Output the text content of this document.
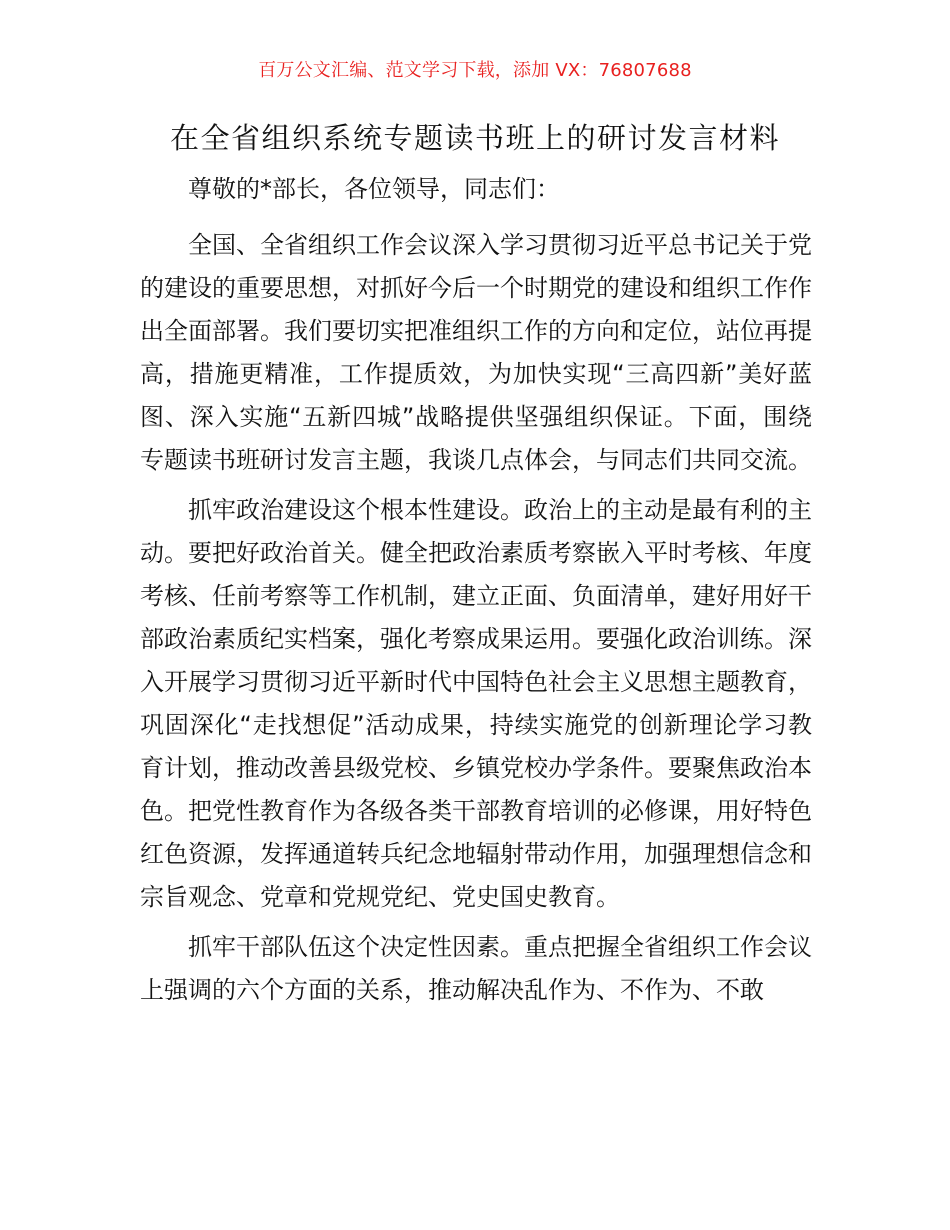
百万公文汇编、范文学习下载，添加 VX：76807688
在全省组织系统专题读书班上的研讨发言材料

尊敬的*部长，各位领导，同志们：

全国、全省组织工作会议深入学习贯彻习近平总书记关于党的建设的重要思想，对抓好今后一个时期党的建设和组织工作作出全面部署。我们要切实把准组织工作的方向和定位，站位再提高，措施更精准，工作提质效，为加快实现“三高四新”美好蓝图、深入实施“五新四城”战略提供坚强组织保证。下面，围绕专题读书班研讨发言主题，我谈几点体会，与同志们共同交流。

抓牢政治建设这个根本性建设。政治上的主动是最有利的主动。要把好政治首关。健全把政治素质考察嵌入平时考核、年度考核、任前考察等工作机制，建立正面、负面清单，建好用好干部政治素质纪实档案，强化考察成果运用。要强化政治训练。深入开展学习贯彻习近平新时代中国特色社会主义思想主题教育，巩固深化“走找想促”活动成果，持续实施党的创新理论学习教育计划，推动改善县级党校、乡镇党校办学条件。要聚焦政治本色。把党性教育作为各级各类干部教育培训的必修课，用好特色红色资源，发挥通道转兵纪念地辐射带动作用，加强理想信念和宗旨观念、党章和党规党纪、党史国史教育。

抓牢干部队伍这个决定性因素。重点把握全省组织工作会议上强调的六个方面的关系，推动解决乱作为、不作为、不敢
